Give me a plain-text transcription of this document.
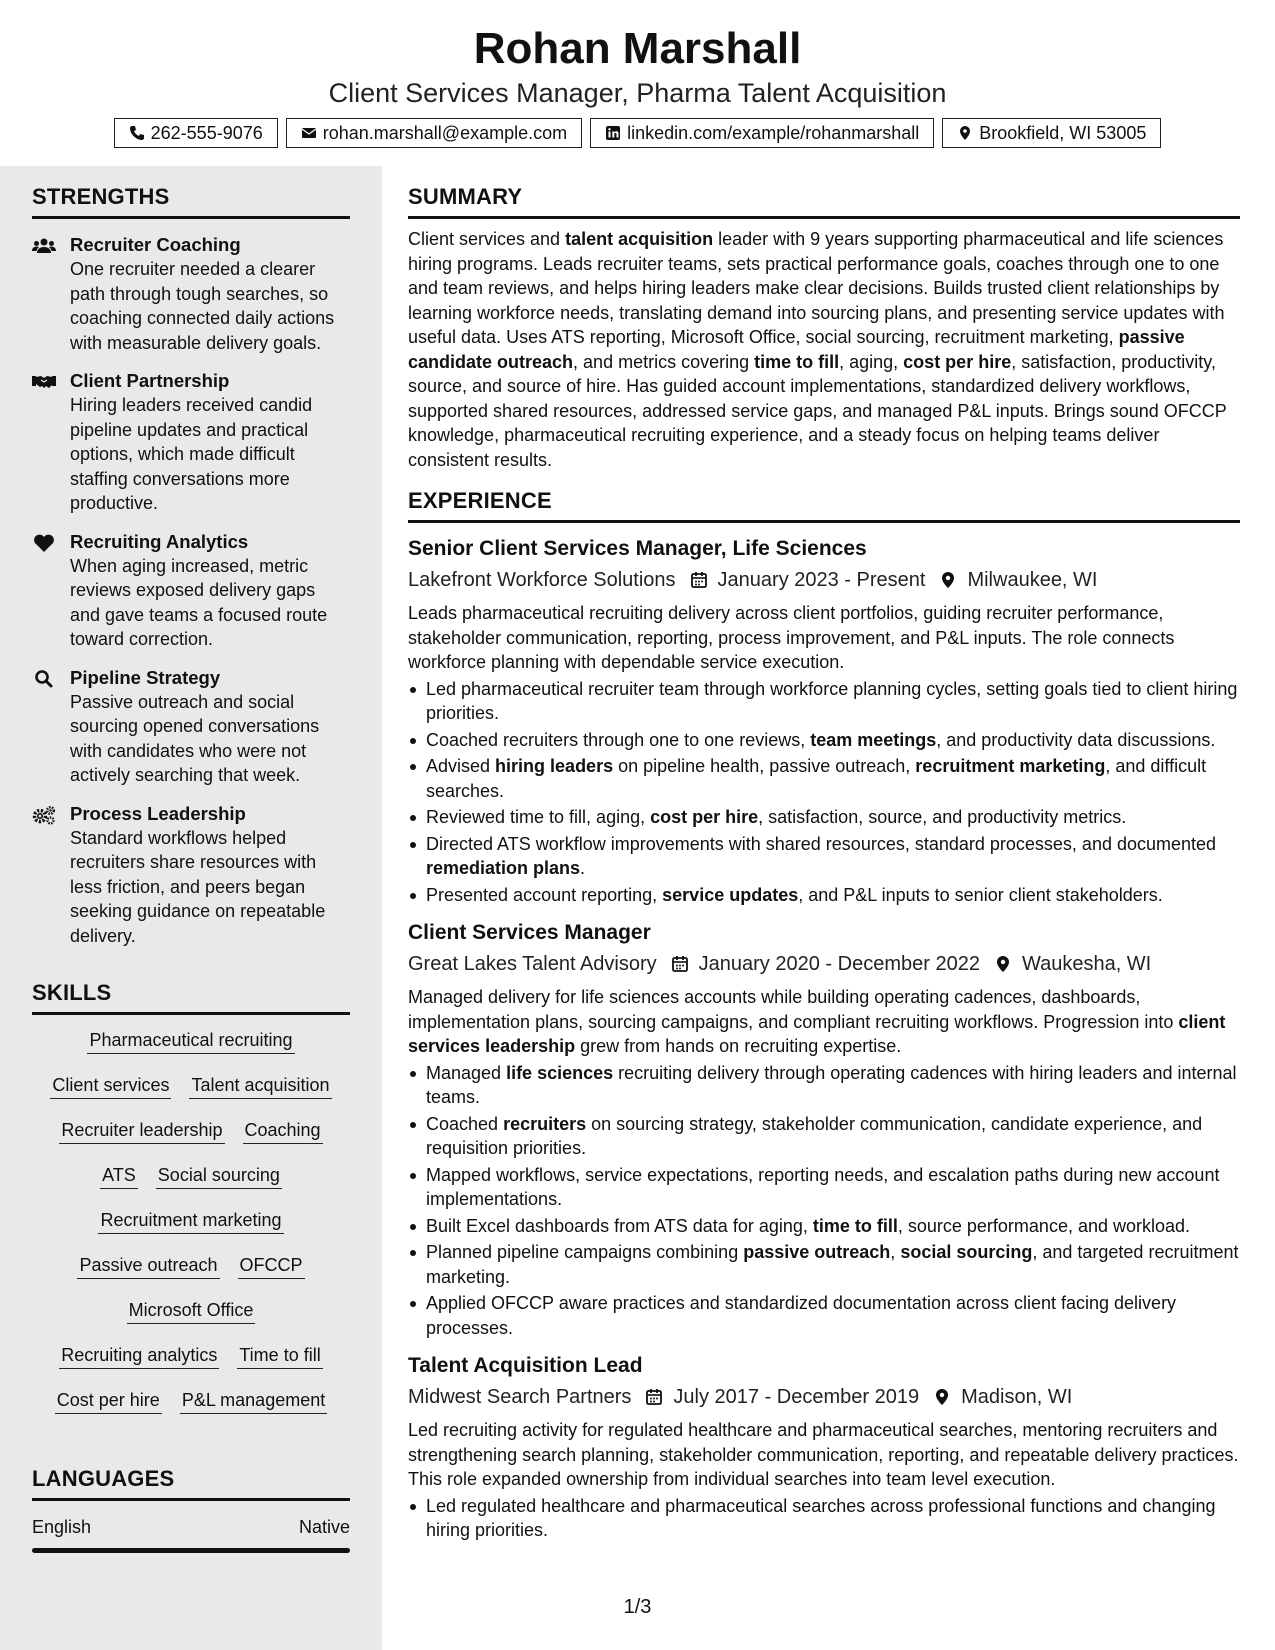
Rohan Marshall
Client Services Manager, Pharma Talent Acquisition
262-555-9076	rohan.marshall@example.com	linkedin.com/example/rohanmarshall	Brookfield, WI 53005
STRENGTHS
Recruiter Coaching
One recruiter needed a clearer path through tough searches, so coaching connected daily actions with measurable delivery goals.
Client Partnership
Hiring leaders received candid pipeline updates and practical options, which made difficult staffing conversations more productive.
Recruiting Analytics
When aging increased, metric reviews exposed delivery gaps and gave teams a focused route toward correction.
Pipeline Strategy
Passive outreach and social sourcing opened conversations with candidates who were not actively searching that week.
Process Leadership
Standard workflows helped recruiters share resources with less friction, and peers began seeking guidance on repeatable delivery.
SKILLS
Pharmaceutical recruiting
Client services Talent acquisition
Recruiter leadership Coaching
ATS Social sourcing
Recruitment marketing
Passive outreach OFCCP
Microsoft Office
Recruiting analytics Time to fill
Cost per hire P&L management
LANGUAGES
English	Native
SUMMARY
Client services and talent acquisition leader with 9 years supporting pharmaceutical and life sciences hiring programs. Leads recruiter teams, sets practical performance goals, coaches through one to one and team reviews, and helps hiring leaders make clear decisions. Builds trusted client relationships by learning workforce needs, translating demand into sourcing plans, and presenting service updates with useful data. Uses ATS reporting, Microsoft Office, social sourcing, recruitment marketing, passive candidate outreach, and metrics covering time to fill, aging, cost per hire, satisfaction, productivity, source, and source of hire. Has guided account implementations, standardized delivery workflows, supported shared resources, addressed service gaps, and managed P&L inputs. Brings sound OFCCP knowledge, pharmaceutical recruiting experience, and a steady focus on helping teams deliver consistent results.
EXPERIENCE
Senior Client Services Manager, Life Sciences
Lakefront Workforce Solutions January 2023 - Present Milwaukee, WI
Leads pharmaceutical recruiting delivery across client portfolios, guiding recruiter performance, stakeholder communication, reporting, process improvement, and P&L inputs. The role connects workforce planning with dependable service execution.
Led pharmaceutical recruiter team through workforce planning cycles, setting goals tied to client hiring priorities.
Coached recruiters through one to one reviews, team meetings, and productivity data discussions.
Advised hiring leaders on pipeline health, passive outreach, recruitment marketing, and difficult searches.
Reviewed time to fill, aging, cost per hire, satisfaction, source, and productivity metrics.
Directed ATS workflow improvements with shared resources, standard processes, and documented remediation plans.
Presented account reporting, service updates, and P&L inputs to senior client stakeholders.
Client Services Manager
Great Lakes Talent Advisory January 2020 - December 2022 Waukesha, WI
Managed delivery for life sciences accounts while building operating cadences, dashboards, implementation plans, sourcing campaigns, and compliant recruiting workflows. Progression into client services leadership grew from hands on recruiting expertise.
Managed life sciences recruiting delivery through operating cadences with hiring leaders and internal teams.
Coached recruiters on sourcing strategy, stakeholder communication, candidate experience, and requisition priorities.
Mapped workflows, service expectations, reporting needs, and escalation paths during new account implementations.
Built Excel dashboards from ATS data for aging, time to fill, source performance, and workload.
Planned pipeline campaigns combining passive outreach, social sourcing, and targeted recruitment marketing.
Applied OFCCP aware practices and standardized documentation across client facing delivery processes.
Talent Acquisition Lead
Midwest Search Partners July 2017 - December 2019 Madison, WI
Led recruiting activity for regulated healthcare and pharmaceutical searches, mentoring recruiters and strengthening search planning, stakeholder communication, reporting, and repeatable delivery practices. This role expanded ownership from individual searches into team level execution.
Led regulated healthcare and pharmaceutical searches across professional functions and changing hiring priorities.
1/3
